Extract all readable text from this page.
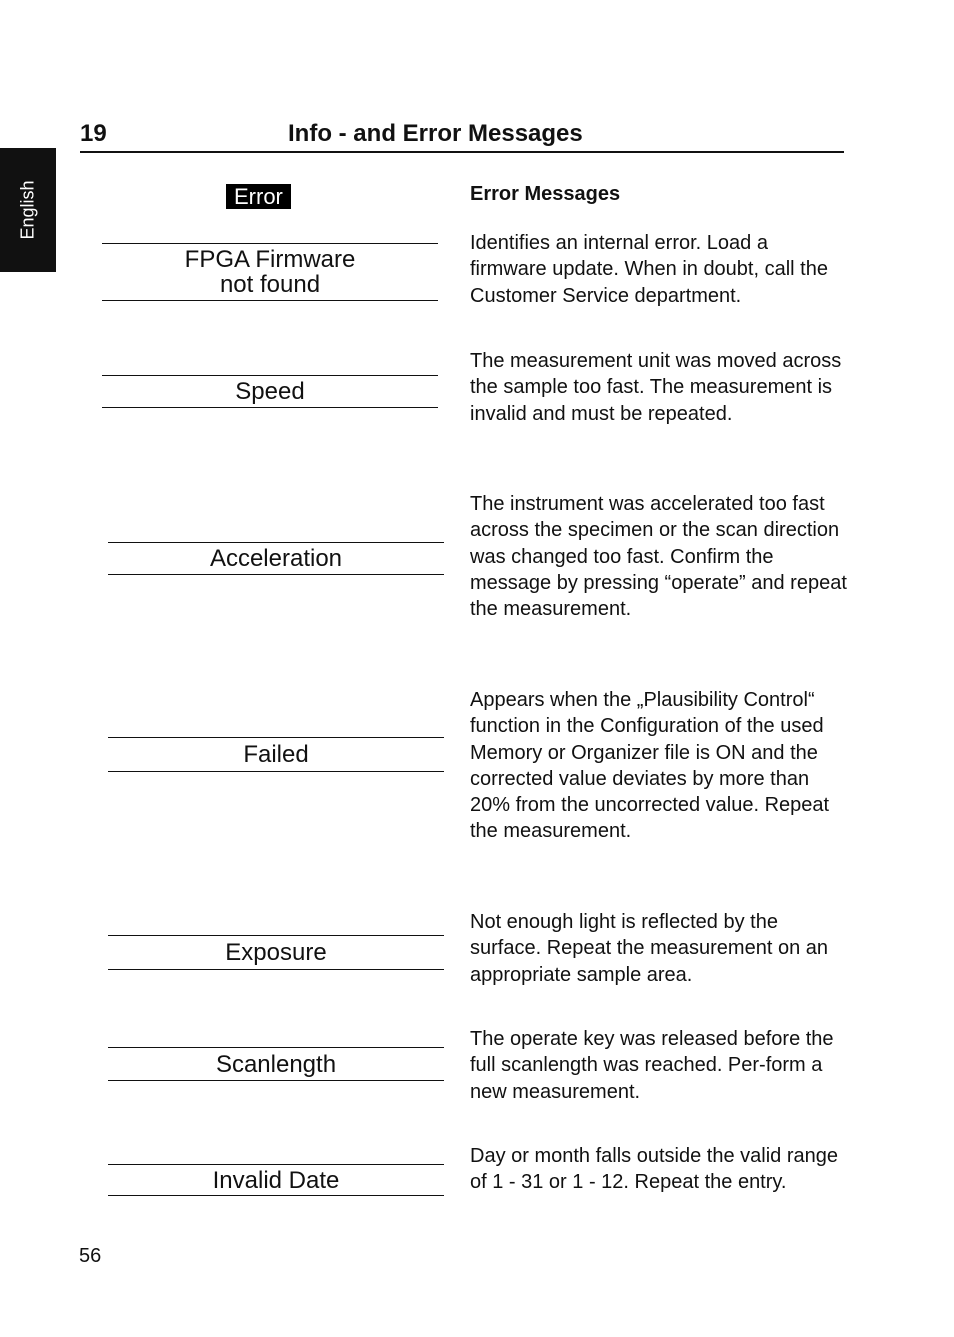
English
19	Info - and Error Messages
Error	Error Messages
FPGA Firmware
not found

Identifies an internal error. Load a firmware update. When in doubt, call the Customer Service department.

Speed

The measurement unit was moved across the sample too fast. The measurement is invalid and must be repeated.

Acceleration

The instrument was accelerated too fast across the specimen or the scan direction was changed too fast. Confirm the message by pressing “operate” and repeat the measurement.

Failed

Appears when the „Plausibility Control“ function in the Configuration of the used Memory or Organizer file is ON and the corrected value deviates by more than 20% from the uncorrected value. Repeat the measurement.

Exposure

Not enough light is reflected by the surface. Repeat the measurement on an appropriate sample area.

Scanlength

The operate key was released before the full scanlength was reached. Per-form a new measurement.

Invalid Date

Day or month falls outside the valid range of 1 - 31 or 1 - 12. Repeat the entry.

56
